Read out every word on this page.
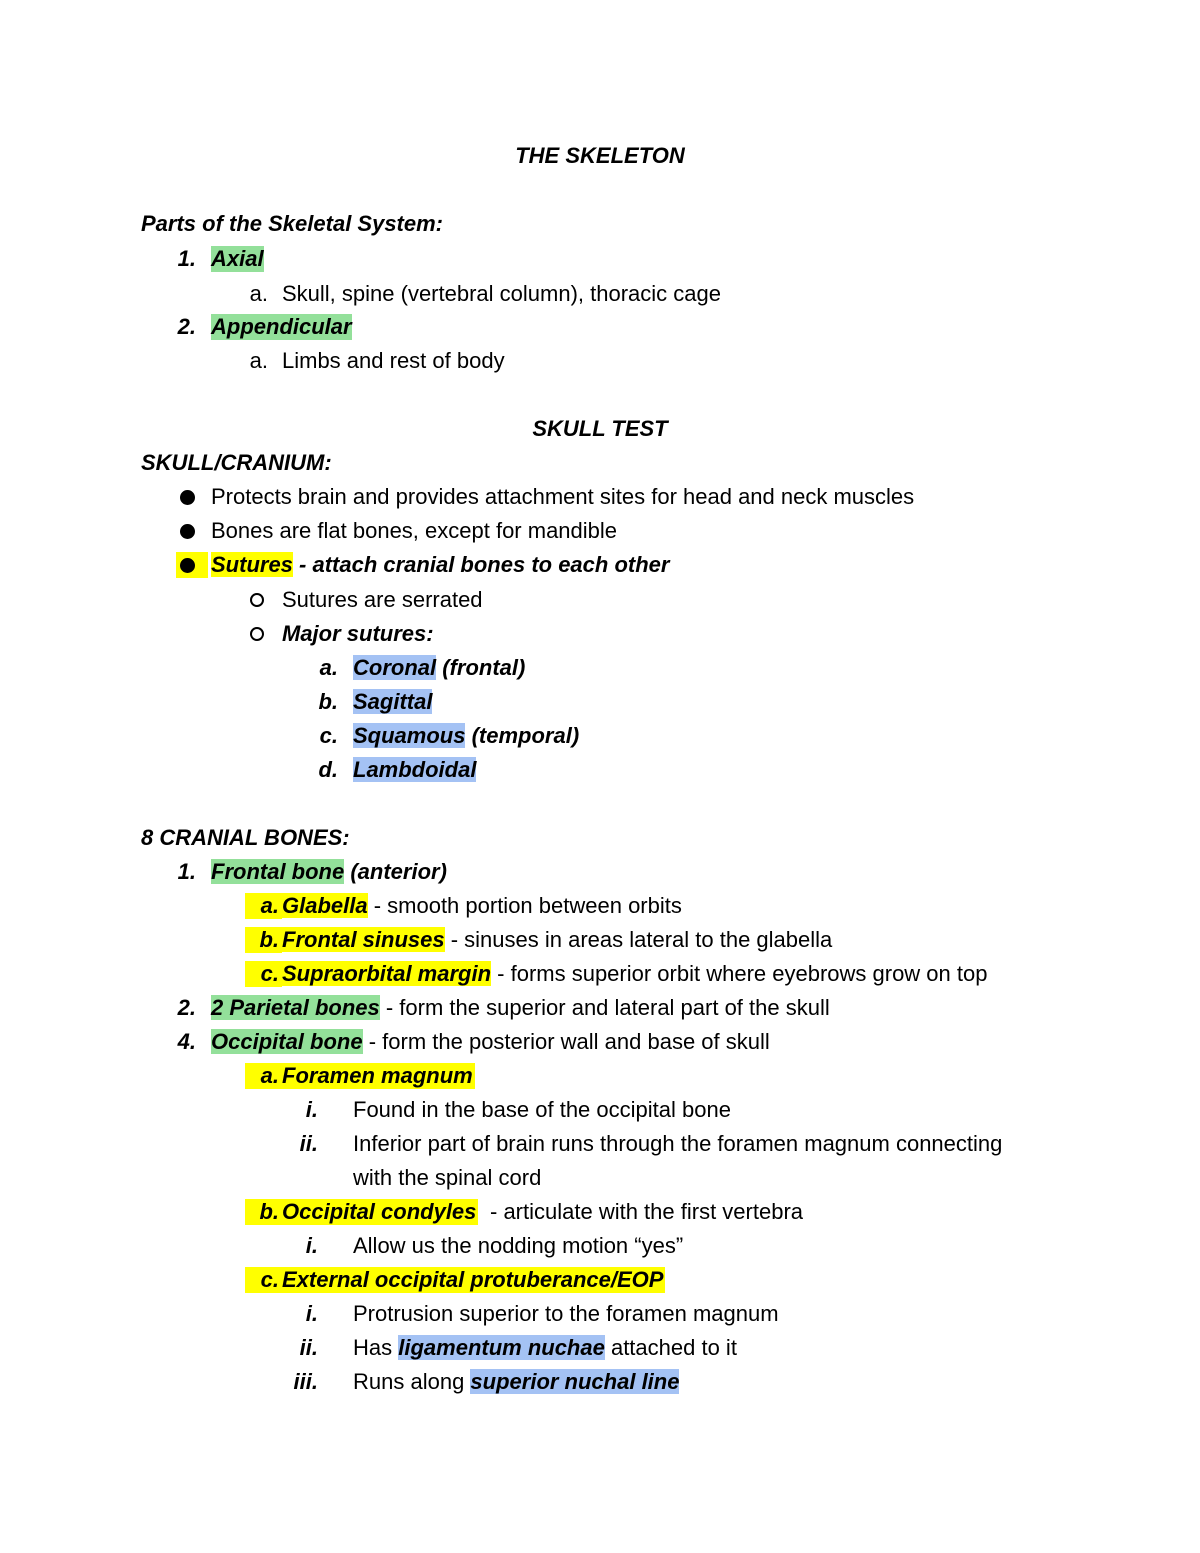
THE SKELETON
Parts of the Skeletal System:
1. Axial
a. Skull, spine (vertebral column), thoracic cage
2. Appendicular
a. Limbs and rest of body
SKULL TEST
SKULL/CRANIUM:
Protects brain and provides attachment sites for head and neck muscles
Bones are flat bones, except for mandible
Sutures - attach cranial bones to each other
Sutures are serrated
Major sutures:
a. Coronal (frontal)
b. Sagittal
c. Squamous (temporal)
d. Lambdoidal
8 CRANIAL BONES:
1. Frontal bone (anterior)
a. Glabella - smooth portion between orbits
b. Frontal sinuses - sinuses in areas lateral to the glabella
c. Supraorbital margin - forms superior orbit where eyebrows grow on top
2. 2 Parietal bones - form the superior and lateral part of the skull
4. Occipital bone - form the posterior wall and base of skull
a. Foramen magnum
i. Found in the base of the occipital bone
ii. Inferior part of brain runs through the foramen magnum connecting
with the spinal cord
b. Occipital condyles - articulate with the first vertebra
i. Allow us the nodding motion “yes”
c. External occipital protuberance/EOP
i. Protrusion superior to the foramen magnum
ii. Has ligamentum nuchae attached to it
iii. Runs along superior nuchal line
